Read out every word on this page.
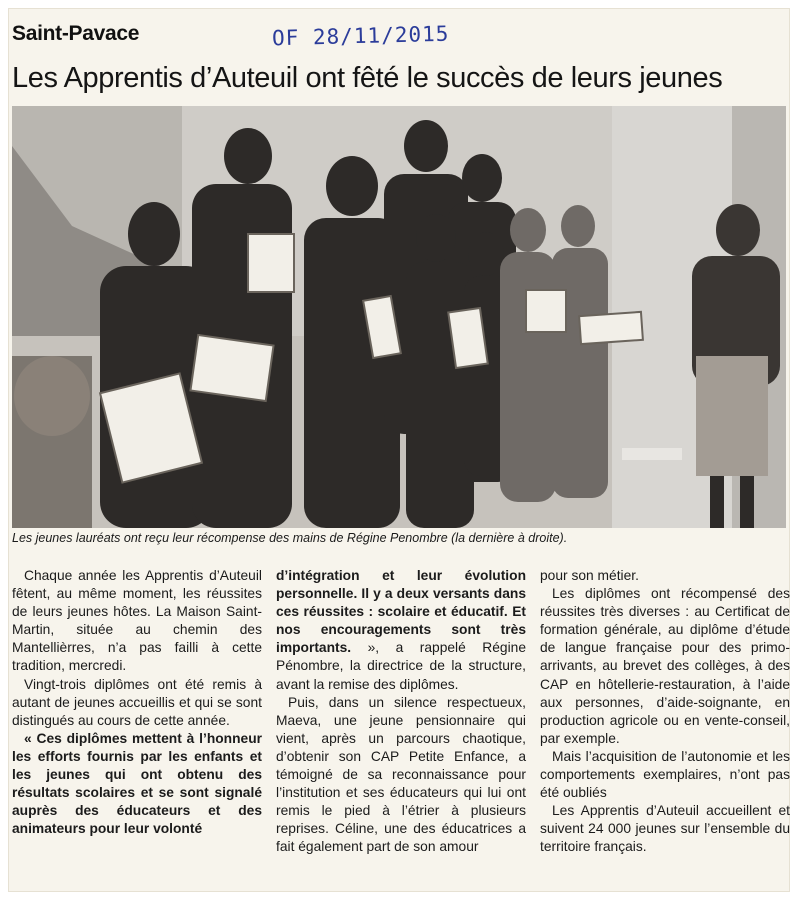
Saint-Pavace	OF 28/11/2015
Les Apprentis d’Auteuil ont fêté le succès de leurs jeunes
Les jeunes lauréats ont reçu leur récompense des mains de Régine Penombre (la dernière à droite).

Chaque année les Apprentis d’Auteuil fêtent, au même moment, les réussites de leurs jeunes hôtes. La Maison Saint-Martin, située au chemin des Mantellièrres, n’a pas failli à cette tradition, mercredi.

Vingt-trois diplômes ont été remis à autant de jeunes accueillis et qui se sont distingués au cours de cette année.

« Ces diplômes mettent à l’honneur les efforts fournis par les enfants et les jeunes qui ont obtenu des résultats scolaires et se sont signalé auprès des éducateurs et des animateurs pour leur volonté

d’intégration et leur évolution personnelle. Il y a deux versants dans ces réussites : scolaire et éducatif. Et nos encouragements sont très importants. », a rappelé Régine Pénombre, la directrice de la structure, avant la remise des diplômes.

Puis, dans un silence respectueux, Maeva, une jeune pensionnaire qui vient, après un parcours chaotique, d’obtenir son CAP Petite Enfance, a témoigné de sa reconnaissance pour l’institution et ses éducateurs qui lui ont remis le pied à l’étrier à plusieurs reprises. Céline, une des éducatrices a fait également part de son amour

pour son métier.

Les diplômes ont récompensé des réussites très diverses : au Certificat de formation générale, au diplôme d’étude de langue française pour des primo-arrivants, au brevet des collèges, à des CAP en hôtellerie-restauration, à l’aide aux personnes, d’aide-soignante, en production agricole ou en vente-conseil, par exemple.

Mais l’acquisition de l’autonomie et les comportements exemplaires, n’ont pas été oubliés

Les Apprentis d’Auteuil accueillent et suivent 24 000 jeunes sur l’ensemble du territoire français.
